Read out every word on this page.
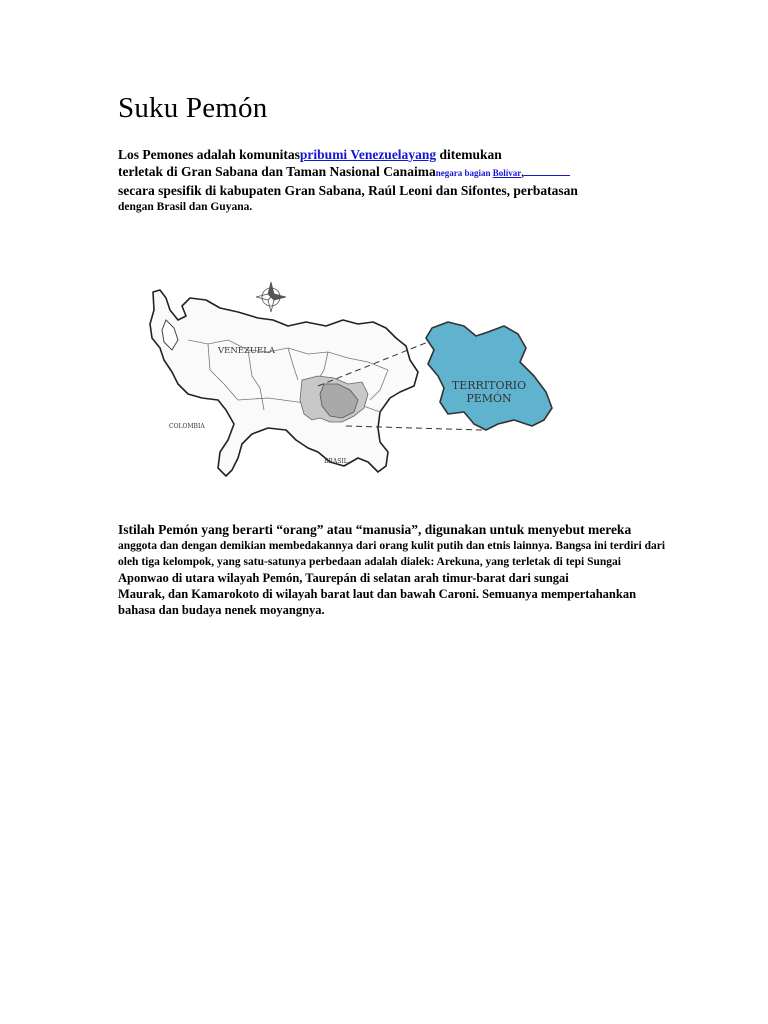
Suku Pemón
Los Pemones adalah komunitaspribumi Venezuelayang ditemukan
terletak di Gran Sabana dan Taman Nasional Canaimanegara bagian Bolívar,
secara spesifik di kabupaten Gran Sabana, Raúl Leoni dan Sifontes, perbatasan
dengan Brasil dan Guyana.
TERRITORIO
PEMÓN
VENEZUELA
COLOMBIA
BRASIL
Istilah Pemón yang berarti “orang” atau “manusia”, digunakan untuk menyebut mereka
anggota dan dengan demikian membedakannya dari orang kulit putih dan etnis lainnya. Bangsa ini terdiri dari
oleh tiga kelompok, yang satu-satunya perbedaan adalah dialek: Arekuna, yang terletak di tepi Sungai
Aponwao di utara wilayah Pemón, Taurepán di selatan arah timur-barat dari sungai
Maurak, dan Kamarokoto di wilayah barat laut dan bawah Caroni. Semuanya mempertahankan
bahasa dan budaya nenek moyangnya.
